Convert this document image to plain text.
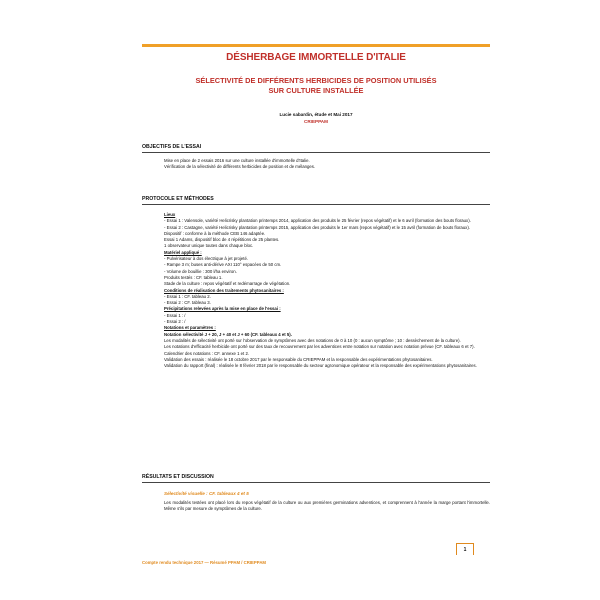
DÉSHERBAGE IMMORTELLE D'ITALIE
SÉLECTIVITÉ DE DIFFÉRENTS HERBICIDES DE POSITION UTILISÉS
SUR CULTURE INSTALLÉE
Lucie sabardin, étude et Mai 2017
CRIEPPAM
OBJECTIFS DE L'ESSAI

Mise en place de 2 essais 2016 sur une culture installée d'immortelle d'Italie.

Vérification de la sélectivité de différents herbicides de position et de mélanges.

PROTOCOLE ET MÉTHODES

Lieux

- Essai 1 : Valensole, variété Helicrisky plantation printemps 2014, application des produits le 25 février (repos végétatif) et le 6 avril (formation des bouts floraux).

- Essai 2 : Castagne, variété Helicrisky plantation printemps 2015, application des produits le 1er mars (repos végétatif) et le 15 avril (formation de bouts floraux).

Dispositif : conforme à la méthode CEB 146 adaptée.

Essai 1 Adams, dispositif bloc de 4 répétitions de 25 plantes.

1 observateur unique toutes dans chaque bloc.

Matériel appliqué :

- Pulvérisateur à dos électrique à jet projeté.

- Rampe 3 m; buses anti-dérive AXI 110° espacées de 50 cm.

- Volume de bouillie : 300 l/ha environ.

Produits testés : CF. tableau 1.

Stade de la culture : repos végétatif et redémarrage de végétation.

Conditions de réalisation des traitements phytosanitaires :

- Essai 1 : CF. tableau 2.

- Essai 2 : CF. tableau 3.

Précipitations relevées après la mise en place de l'essai :

- Essai 1 : /

- Essai 2 : /

Notations et paramètres :

Notation sélectivité J + 20, J + 40 et J + 60 (CF. tableaux 4 et 5).

Les modalités de sélectivité ont porté sur l'observation de symptômes avec des notations de 0 à 10 (0 : aucun symptôme ; 10 : dessèchement de la culture).

Les notations d'efficacité herbicide ont porté sur des taux de recouvrement par les adventices entre notation sur notation avec notation prévue (CF. tableaux 6 et 7).

Calendrier des notations : CF. annexe 1 et 2.

Validation des essais : réalisée le 18 octobre 2017 par le responsable du CRIEPPAM et la responsable des expérimentations phytosanitaires.

Validation du rapport (final) : réalisée le 8 février 2018 par le responsable du secteur agronomique opérateur et la responsable des expérimentations phytosanitaires.

RÉSULTATS ET DISCUSSION
Sélectivité visuelle : CF. tableaux 4 et 5

Les modalités testées ont placé lors du repos végétatif de la culture ou aux premières germinations adventices, et comprennent à l'année la marge portant l'immortelle. Même s'ils par mesure de symptômes de la culture.

1
Compte rendu technique 2017 — Résumé PPAM / CRIEPPAM
